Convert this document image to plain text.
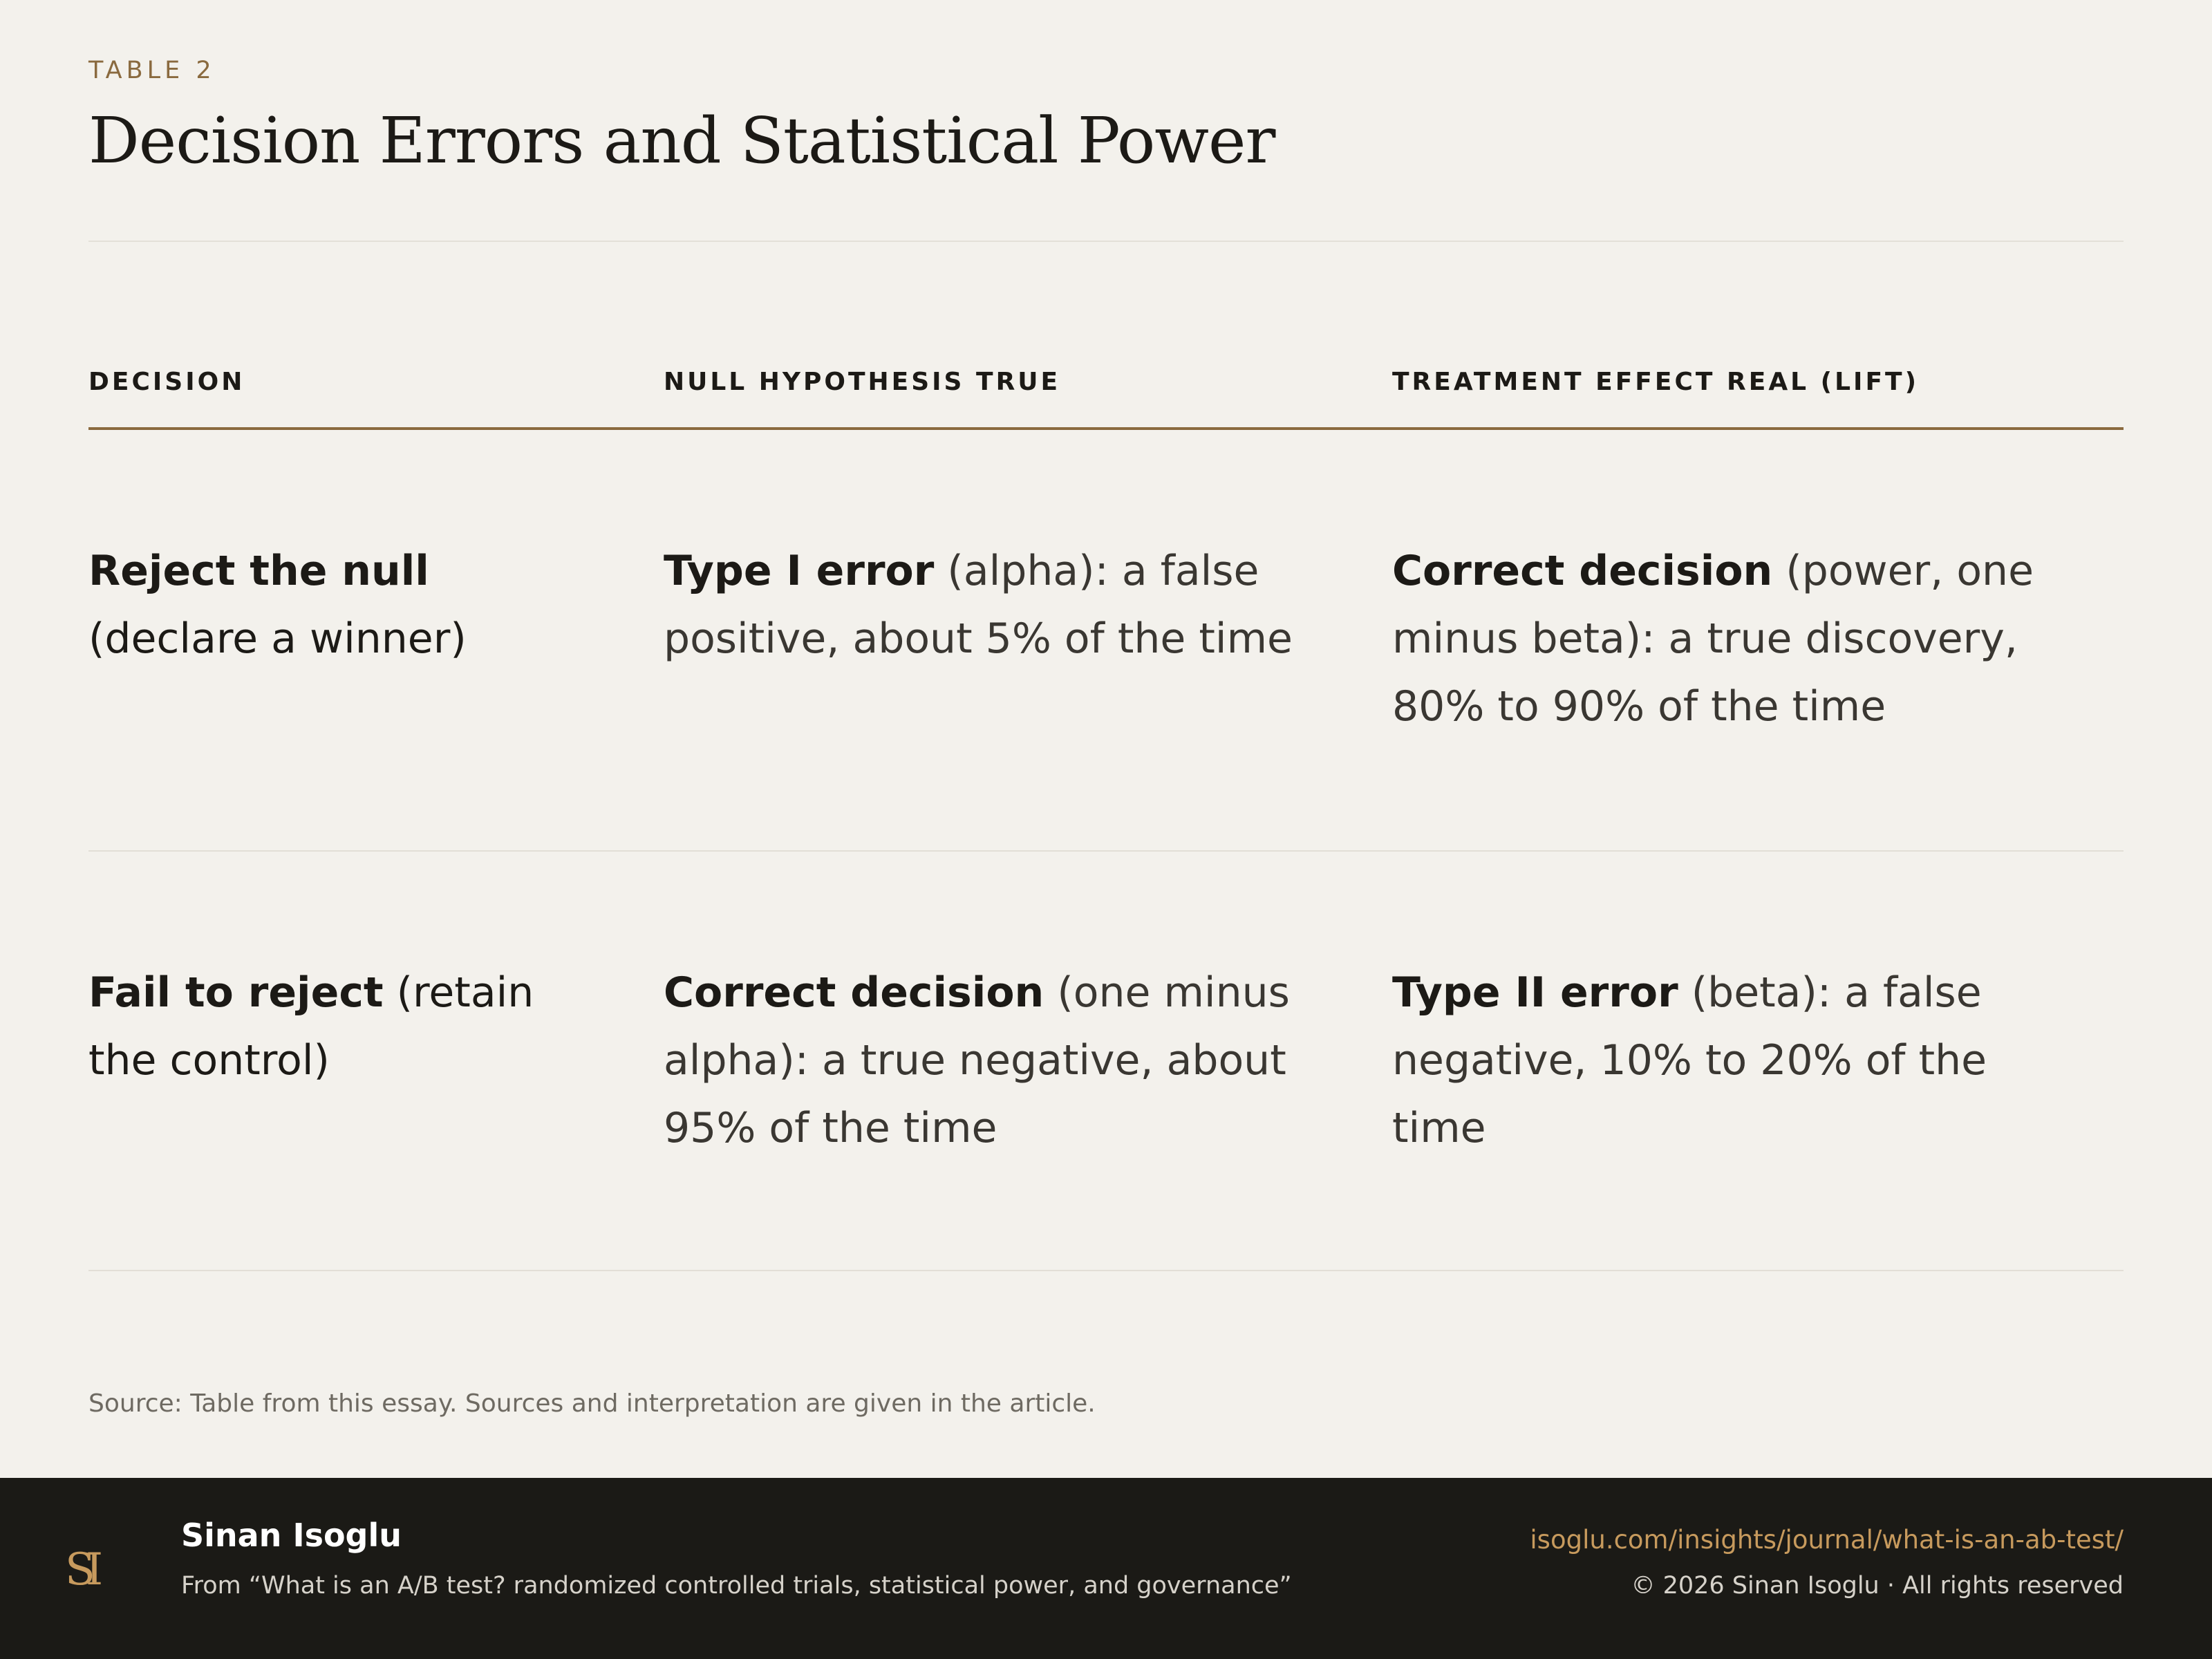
TABLE 2
Decision Errors and Statistical Power
DECISION	NULL HYPOTHESIS TRUE	TREATMENT EFFECT REAL (LIFT)
Reject the null (declare a winner)
Type I error (alpha): a false positive, about 5% of the time
Correct decision (power, one minus beta): a true discovery, 80% to 90% of the time
Fail to reject (retain the control)
Correct decision (one minus alpha): a true negative, about 95% of the time
Type II error (beta): a false negative, 10% to 20% of the time
Source: Table from this essay. Sources and interpretation are given in the article.
SI
Sinan Isoglu
From “What is an A/B test? randomized controlled trials, statistical power, and governance”
isoglu.com/insights/journal/what-is-an-ab-test/
© 2026 Sinan Isoglu · All rights reserved
